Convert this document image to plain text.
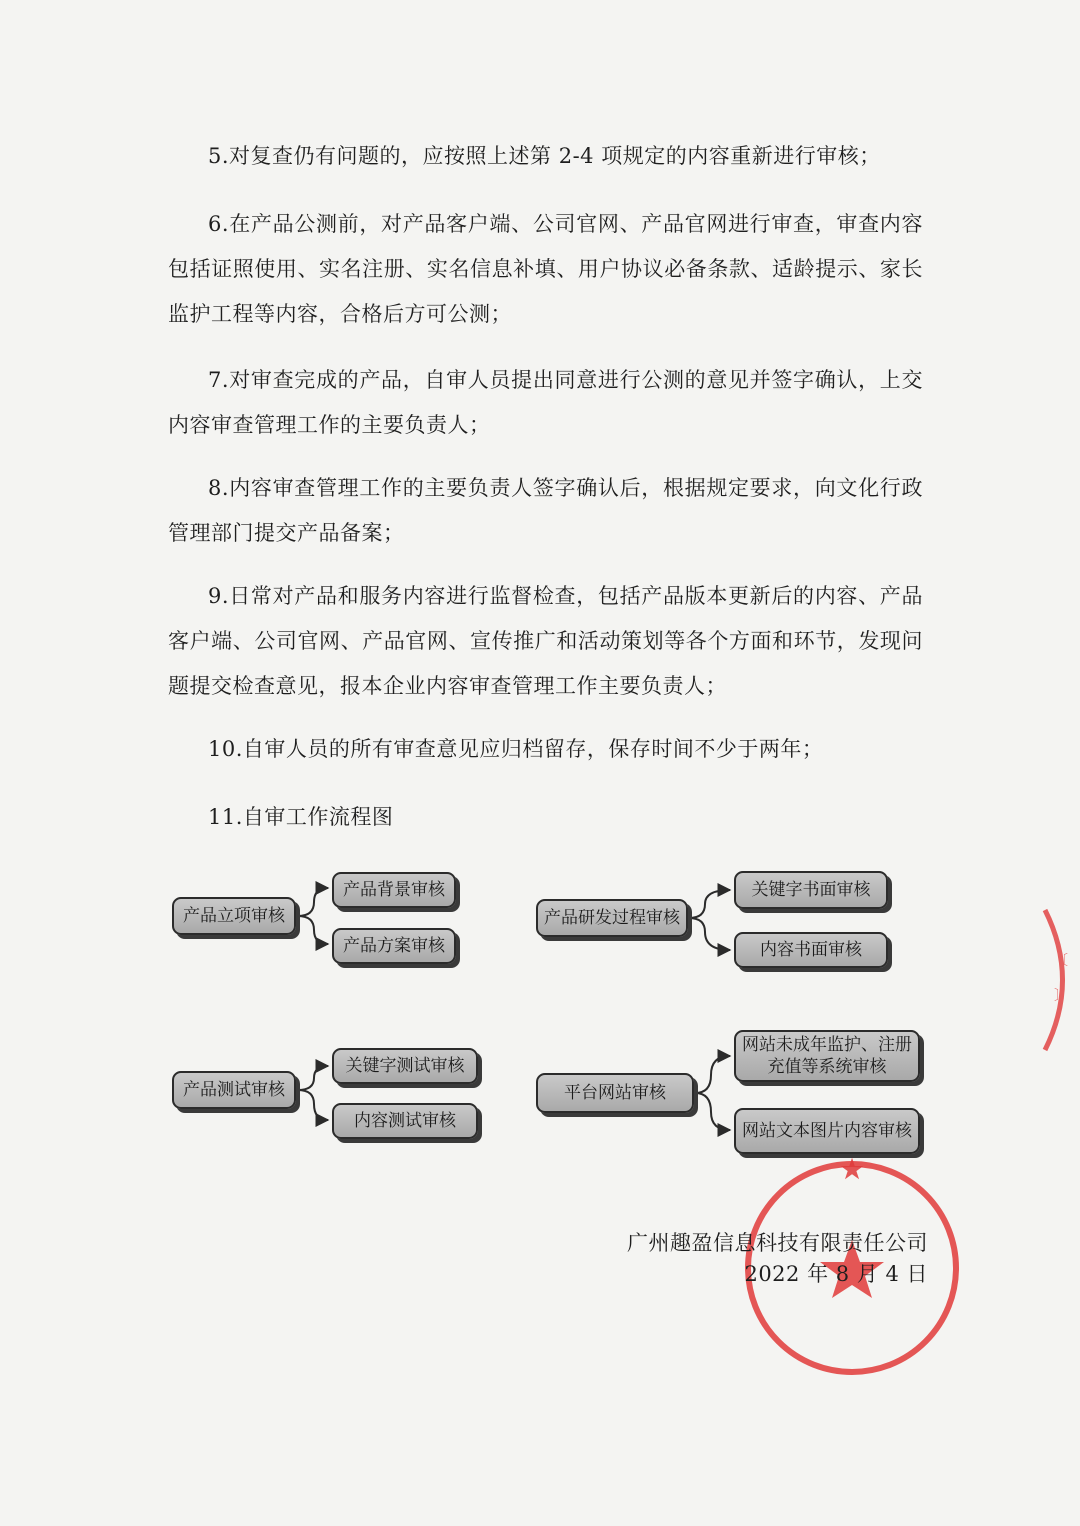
5.对复查仍有问题的，应按照上述第 2-4 项规定的内容重新进行审核；

6.在产品公测前，对产品客户端、公司官网、产品官网进行审查，审查内容包括证照使用、实名注册、实名信息补填、用户协议必备条款、适龄提示、家长监护工程等内容，合格后方可公测；

7.对审查完成的产品，自审人员提出同意进行公测的意见并签字确认，上交内容审查管理工作的主要负责人；

8.内容审查管理工作的主要负责人签字确认后，根据规定要求，向文化行政管理部门提交产品备案；

9.日常对产品和服务内容进行监督检查，包括产品版本更新后的内容、产品客户端、公司官网、产品官网、宣传推广和活动策划等各个方面和环节，发现问题提交检查意见，报本企业内容审查管理工作主要负责人；

10.自审人员的所有审查意见应归档留存，保存时间不少于两年；

11.自审工作流程图

产品立项审核
产品背景审核
产品方案审核
产品研发过程审核
关键字书面审核
内容书面审核
产品测试审核
关键字测试审核
内容测试审核
平台网站审核
网站未成年监护、注册充值等系统审核
网站文本图片内容审核
★
〔
〕
广州趣盈信息科技有限责任公司
2022 年 8 月 4 日
